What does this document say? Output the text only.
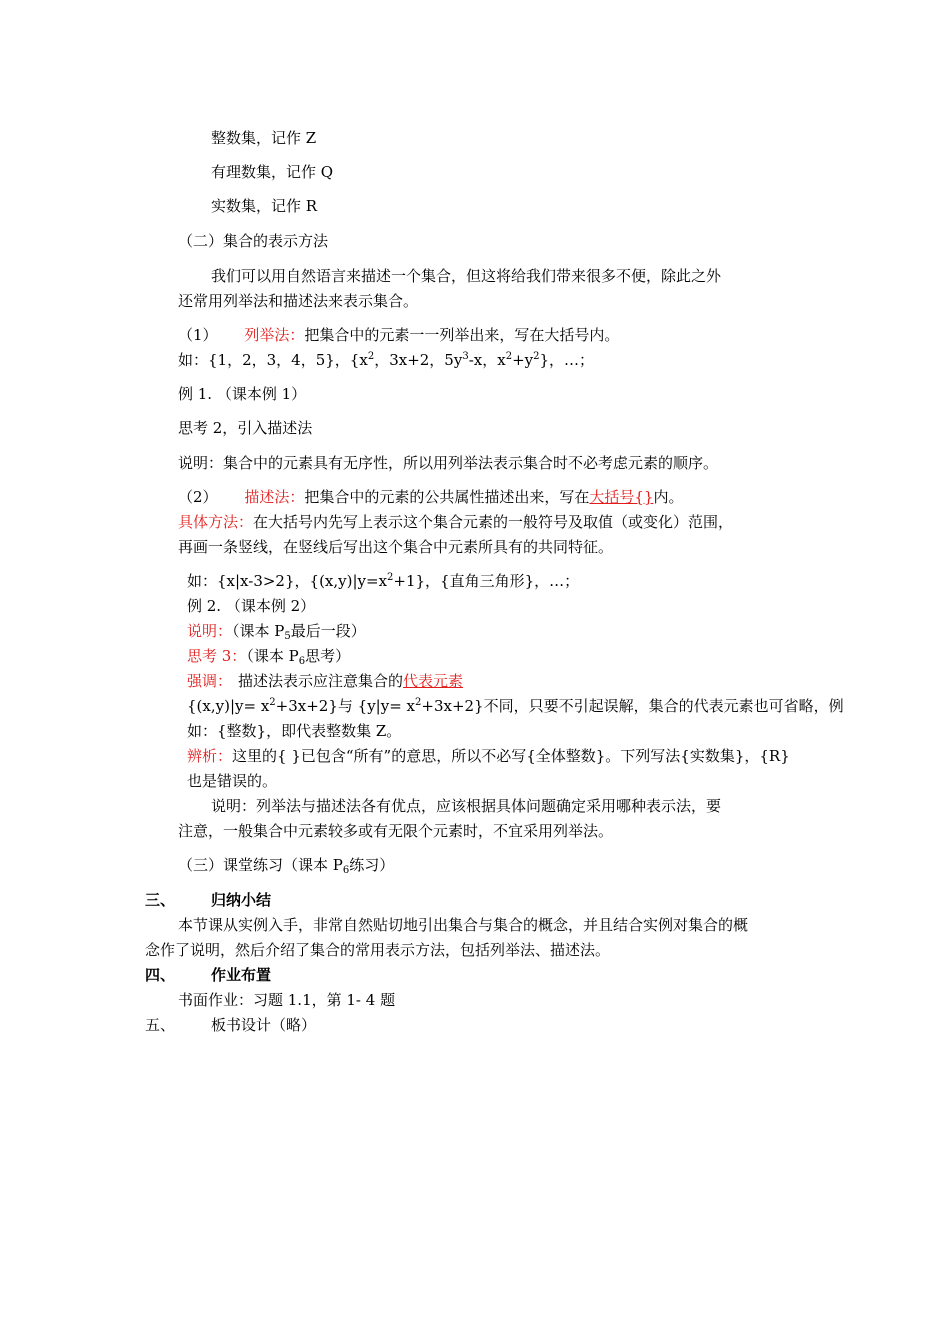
整数集，记作 Z
有理数集，记作 Q
实数集，记作 R
（二）集合的表示方法
我们可以用自然语言来描述一个集合，但这将给我们带来很多不便，除此之外
还常用列举法和描述法来表示集合。
（1） 列举法：把集合中的元素一一列举出来，写在大括号内。
如：{1，2，3，4，5}，{$x^2$，3x+2，$5y^3-x$，$x^2+y^2$}，…；
例 1. （课本例 1）
思考 2，引入描述法
说明：集合中的元素具有无序性，所以用列举法表示集合时不必考虑元素的顺序。
（2） 描述法：把集合中的元素的公共属性描述出来，写在大括号{}内。
具体方法：在大括号内先写上表示这个集合元素的一般符号及取值（或变化）范围，
再画一条竖线，在竖线后写出这个集合中元素所具有的共同特征。
如：{x|x-3>2}，$\{(x,y)|y=x^2+1\}$，{直角三角形}，…；
例 2. （课本例 2）
说明：（课本 $P_5$最后一段）
思考 3：（课本 $P_6$思考）
强调： 描述法表示应注意集合的代表元素
$\{(x,y)|y= x^2+3x+2\}$与 $\{y|y= x^2+3x+2\}$不同，只要不引起误解，集合的代表元素也可省略，例
如：{整数}，即代表整数集 Z。
辨析：这里的{ }已包含“所有”的意思，所以不必写{全体整数}。下列写法{实数集}，{R}
也是错误的。
说明：列举法与描述法各有优点，应该根据具体问题确定采用哪种表示法，要
注意，一般集合中元素较多或有无限个元素时，不宜采用列举法。
（三）课堂练习（课本 $P_6$练习）
三、 归纳小结
本节课从实例入手，非常自然贴切地引出集合与集合的概念，并且结合实例对集合的概
念作了说明，然后介绍了集合的常用表示方法，包括列举法、描述法。
四、 作业布置
书面作业：习题 1.1，第 1- 4 题
五、 板书设计（略）
